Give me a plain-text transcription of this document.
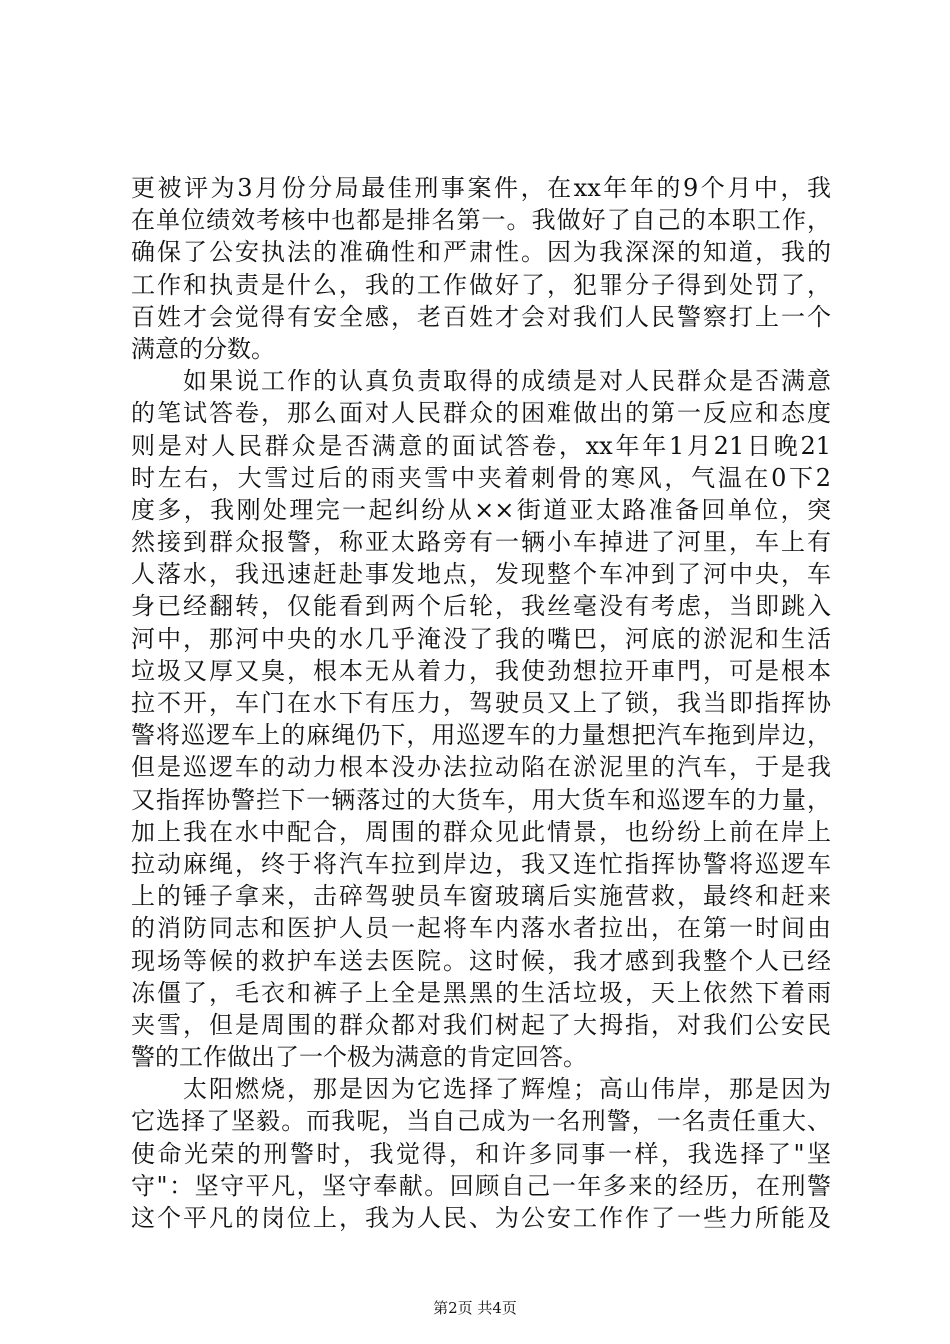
更被评为3月份分局最佳刑事案件，在xx年年的9个月中，我
在单位绩效考核中也都是排名第一。我做好了自己的本职工作，
确保了公安执法的准确性和严肃性。因为我深深的知道，我的
工作和执责是什么，我的工作做好了，犯罪分子得到处罚了，
百姓才会觉得有安全感，老百姓才会对我们人民警察打上一个
满意的分数。
　　如果说工作的认真负责取得的成绩是对人民群众是否满意
的笔试答卷，那么面对人民群众的困难做出的第一反应和态度
则是对人民群众是否满意的面试答卷，xx年年1月21日晚21
时左右，大雪过后的雨夹雪中夹着刺骨的寒风，气温在0下2
度多，我刚处理完一起纠纷从××街道亚太路准备回单位，突
然接到群众报警，称亚太路旁有一辆小车掉进了河里，车上有
人落水，我迅速赶赴事发地点，发现整个车冲到了河中央，车
身已经翻转，仅能看到两个后轮，我丝毫没有考虑，当即跳入
河中，那河中央的水几乎淹没了我的嘴巴，河底的淤泥和生活
垃圾又厚又臭，根本无从着力，我使劲想拉开車門，可是根本
拉不开，车门在水下有压力，驾驶员又上了锁，我当即指挥协
警将巡逻车上的麻绳仍下，用巡逻车的力量想把汽车拖到岸边，
但是巡逻车的动力根本没办法拉动陷在淤泥里的汽车，于是我
又指挥协警拦下一辆落过的大货车，用大货车和巡逻车的力量，
加上我在水中配合，周围的群众见此情景，也纷纷上前在岸上
拉动麻绳，终于将汽车拉到岸边，我又连忙指挥协警将巡逻车
上的锤子拿来，击碎驾驶员车窗玻璃后实施营救，最终和赶来
的消防同志和医护人员一起将车内落水者拉出，在第一时间由
现场等候的救护车送去医院。这时候，我才感到我整个人已经
冻僵了，毛衣和裤子上全是黑黑的生活垃圾，天上依然下着雨
夹雪，但是周围的群众都对我们树起了大拇指，对我们公安民
警的工作做出了一个极为满意的肯定回答。
　　太阳燃烧，那是因为它选择了辉煌；高山伟岸，那是因为
它选择了坚毅。而我呢，当自己成为一名刑警，一名责任重大、
使命光荣的刑警时，我觉得，和许多同事一样，我选择了"坚
守"：坚守平凡，坚守奉献。回顾自己一年多来的经历，在刑警
这个平凡的岗位上，我为人民、为公安工作作了一些力所能及
第2页 共4页
